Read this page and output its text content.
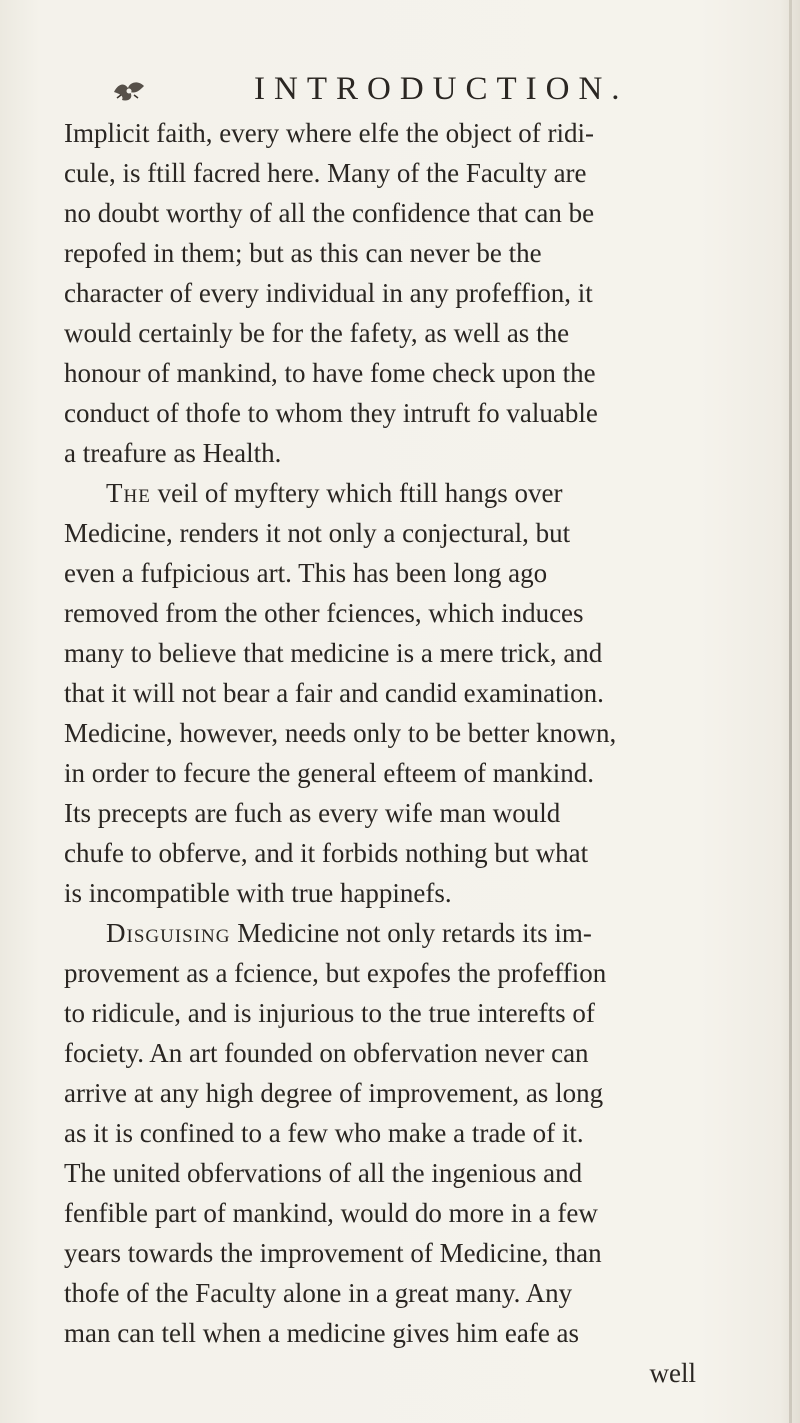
INTRODUCTION.
Implicit faith, every where elfe the object of ridi-
cule, is ftill facred here. Many of the Faculty are
no doubt worthy of all the confidence that can be
repofed in them; but as this can never be the
character of every individual in any profeffion, it
would certainly be for the fafety, as well as the
honour of mankind, to have fome check upon the
conduct of thofe to whom they intruft fo valuable
a treafure as Health.
The veil of myftery which ftill hangs over
Medicine, renders it not only a conjectural, but
even a fufpicious art. This has been long ago
removed from the other fciences, which induces
many to believe that medicine is a mere trick, and
that it will not bear a fair and candid examination.
Medicine, however, needs only to be better known,
in order to fecure the general efteem of mankind.
Its precepts are fuch as every wife man would
chufe to obferve, and it forbids nothing but what
is incompatible with true happinefs.
Disguising Medicine not only retards its im-
provement as a fcience, but expofes the profeffion
to ridicule, and is injurious to the true interefts of
fociety. An art founded on obfervation never can
arrive at any high degree of improvement, as long
as it is confined to a few who make a trade of it.
The united obfervations of all the ingenious and
fenfible part of mankind, would do more in a few
years towards the improvement of Medicine, than
thofe of the Faculty alone in a great many. Any
man can tell when a medicine gives him eafe as
well
